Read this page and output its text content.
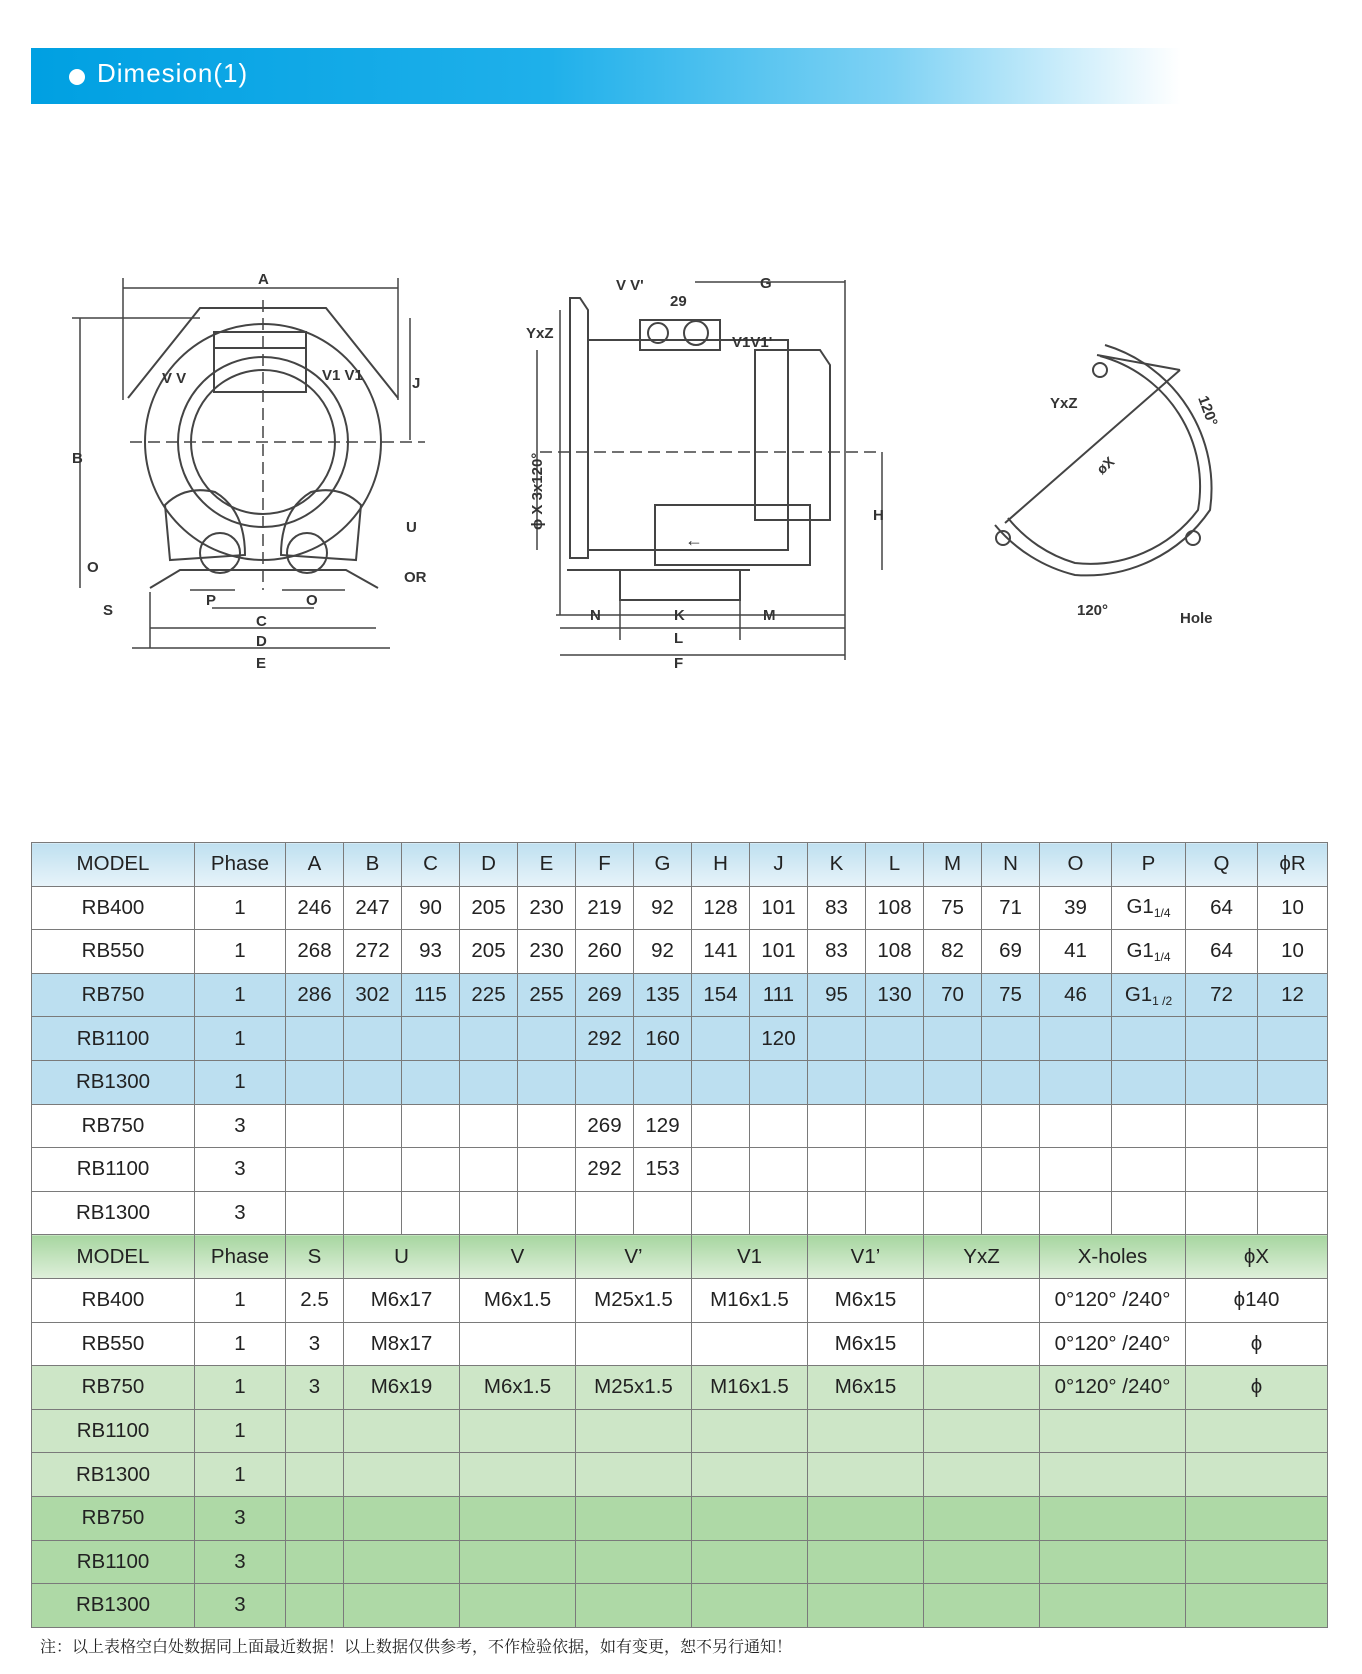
Dimesion(1)
A
B
J
V V	V1 V1
U
O
OR
S
P	O
C
D
E
V V'
29
G
YxZ
V1V1'
ϕ X 3x120°	H
←
N	K	M
L
F
YxZ	120°
120°
øX
Hole
MODEL	Phase	A	B	C	D	E	F	G	H	J	K	L	M	N	O	P	Q	ϕR
RB400	1	246	247	90	205	230	219	92	128	101	83	108	75	71	39	$G1_{1/4}$	64	10
RB550	1	268	272	93	205	230	260	92	141	101	83	108	82	69	41	$G1_{1/4}$	64	10
RB750	1	286	302	115	225	255	269	135	154	111	95	130	70	75	46	$G1_{1 /2}$	72	12
RB1100	1						292	160		120								
RB1300	1																	
RB750	3						269	129										
RB1100	3						292	153										
RB1300	3																	
MODEL	Phase	S	U		V		V’		V1		V1’		YxZ		X-holes		ϕX	
RB400	1	2.5	M6x17		M6x1.5		M25x1.5		M16x1.5		M6x15				0°120° /240°		ϕ140	
RB550	1	3	M8x17								M6x15				0°120° /240°		ϕ	
RB750	1	3	M6x19		M6x1.5		M25x1.5		M16x1.5		M6x15				0°120° /240°		ϕ	
RB1100	1																	
RB1300	1																	
RB750	3																	
RB1100	3																	
RB1300	3																	
注：以上表格空白处数据同上面最近数据！以上数据仅供参考，不作检验依据，如有变更，恕不另行通知！
